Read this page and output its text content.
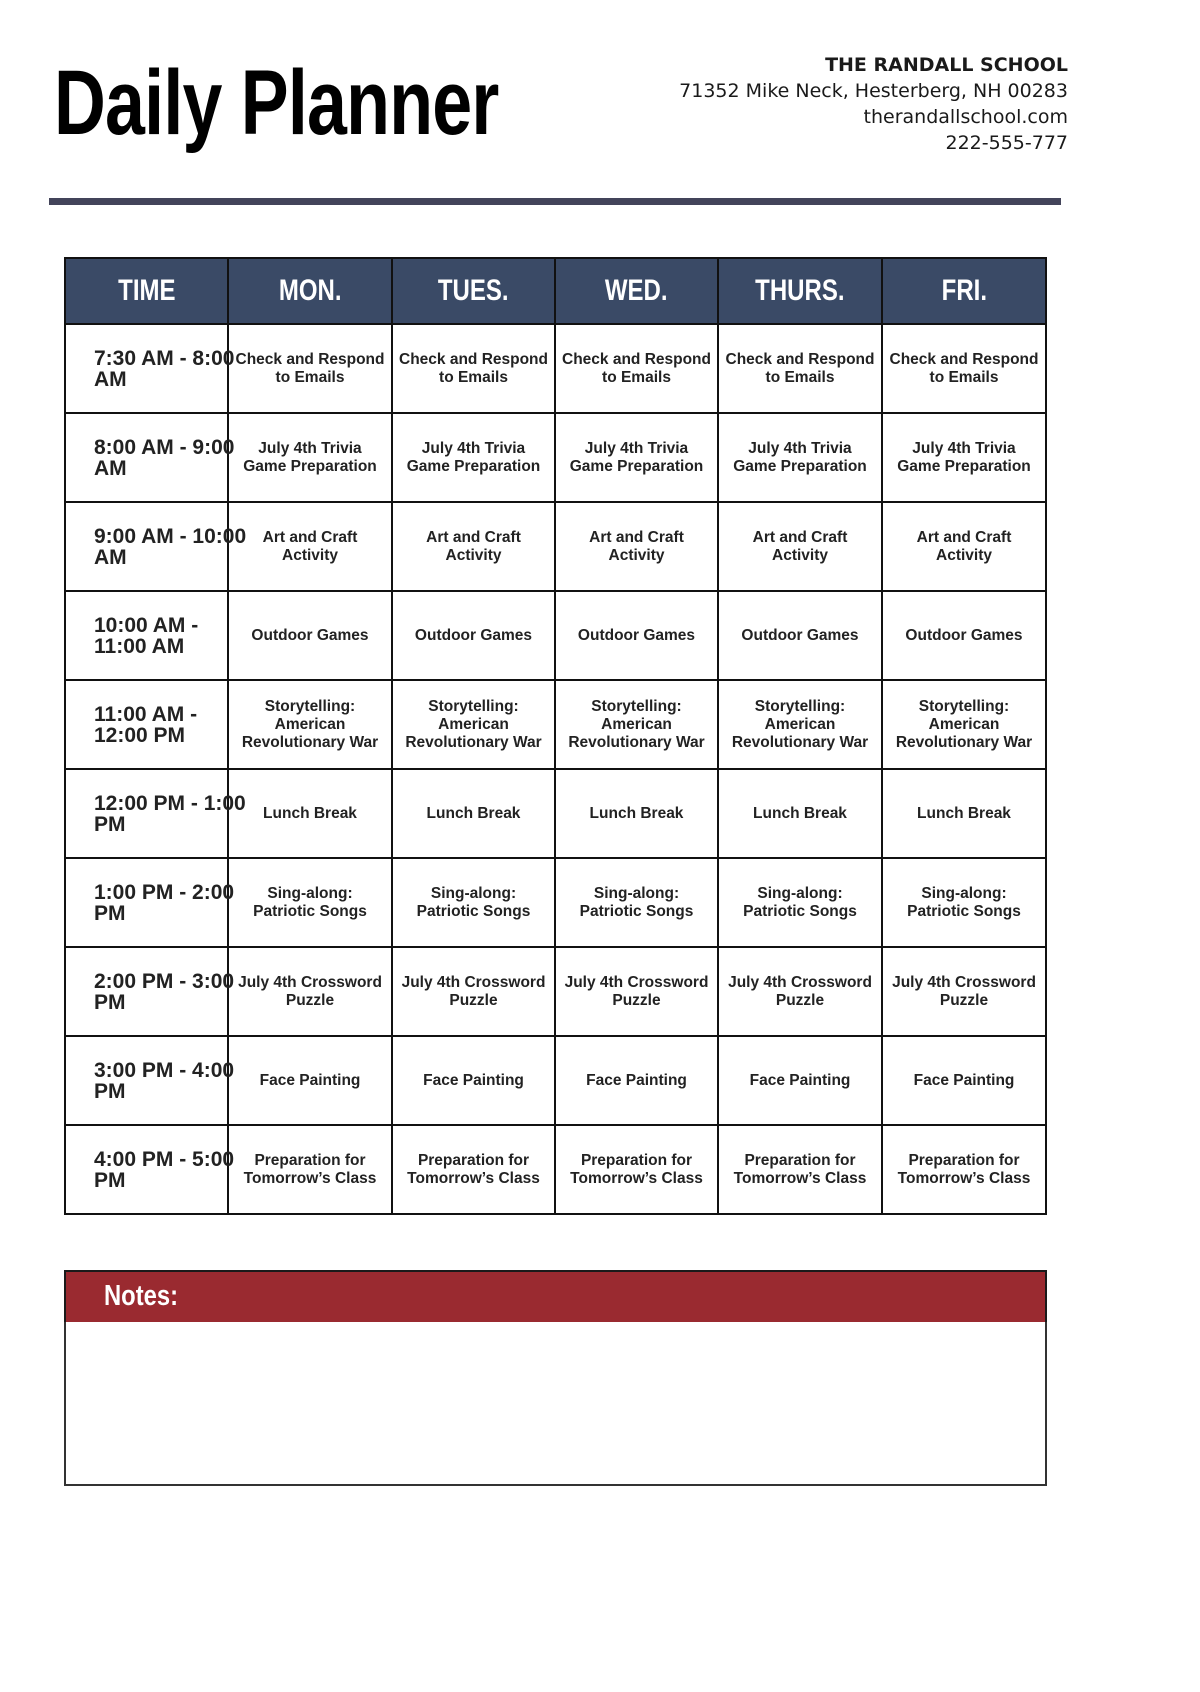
Daily Planner	THE RANDALL SCHOOL
71352 Mike Neck, Hesterberg, NH 00283
therandallschool.com
222-555-777
TIME	MON.	TUES.	WED.	THURS.	FRI.

7:30 AM - 8:00 AM	Check and Respond to Emails	Check and Respond to Emails	Check and Respond to Emails	Check and Respond to Emails	Check and Respond to Emails

8:00 AM - 9:00 AM	July 4th Trivia Game Preparation	July 4th Trivia Game Preparation	July 4th Trivia Game Preparation	July 4th Trivia Game Preparation	July 4th Trivia Game Preparation

9:00 AM - 10:00 AM	Art and Craft Activity	Art and Craft Activity	Art and Craft Activity	Art and Craft Activity	Art and Craft Activity

10:00 AM - 11:00 AM	Outdoor Games	Outdoor Games	Outdoor Games	Outdoor Games	Outdoor Games

11:00 AM - 12:00 PM	Storytelling: American Revolutionary War	Storytelling: American Revolutionary War	Storytelling: American Revolutionary War	Storytelling: American Revolutionary War	Storytelling: American Revolutionary War

12:00 PM - 1:00 PM	Lunch Break	Lunch Break	Lunch Break	Lunch Break	Lunch Break

1:00 PM - 2:00 PM	Sing-along: Patriotic Songs	Sing-along: Patriotic Songs	Sing-along: Patriotic Songs	Sing-along: Patriotic Songs	Sing-along: Patriotic Songs

2:00 PM - 3:00 PM	July 4th Crossword Puzzle	July 4th Crossword Puzzle	July 4th Crossword Puzzle	July 4th Crossword Puzzle	July 4th Crossword Puzzle

3:00 PM - 4:00 PM	Face Painting	Face Painting	Face Painting	Face Painting	Face Painting

4:00 PM - 5:00 PM	Preparation for Tomorrow’s Class	Preparation for Tomorrow’s Class	Preparation for Tomorrow’s Class	Preparation for Tomorrow’s Class	Preparation for Tomorrow’s Class
Notes:
